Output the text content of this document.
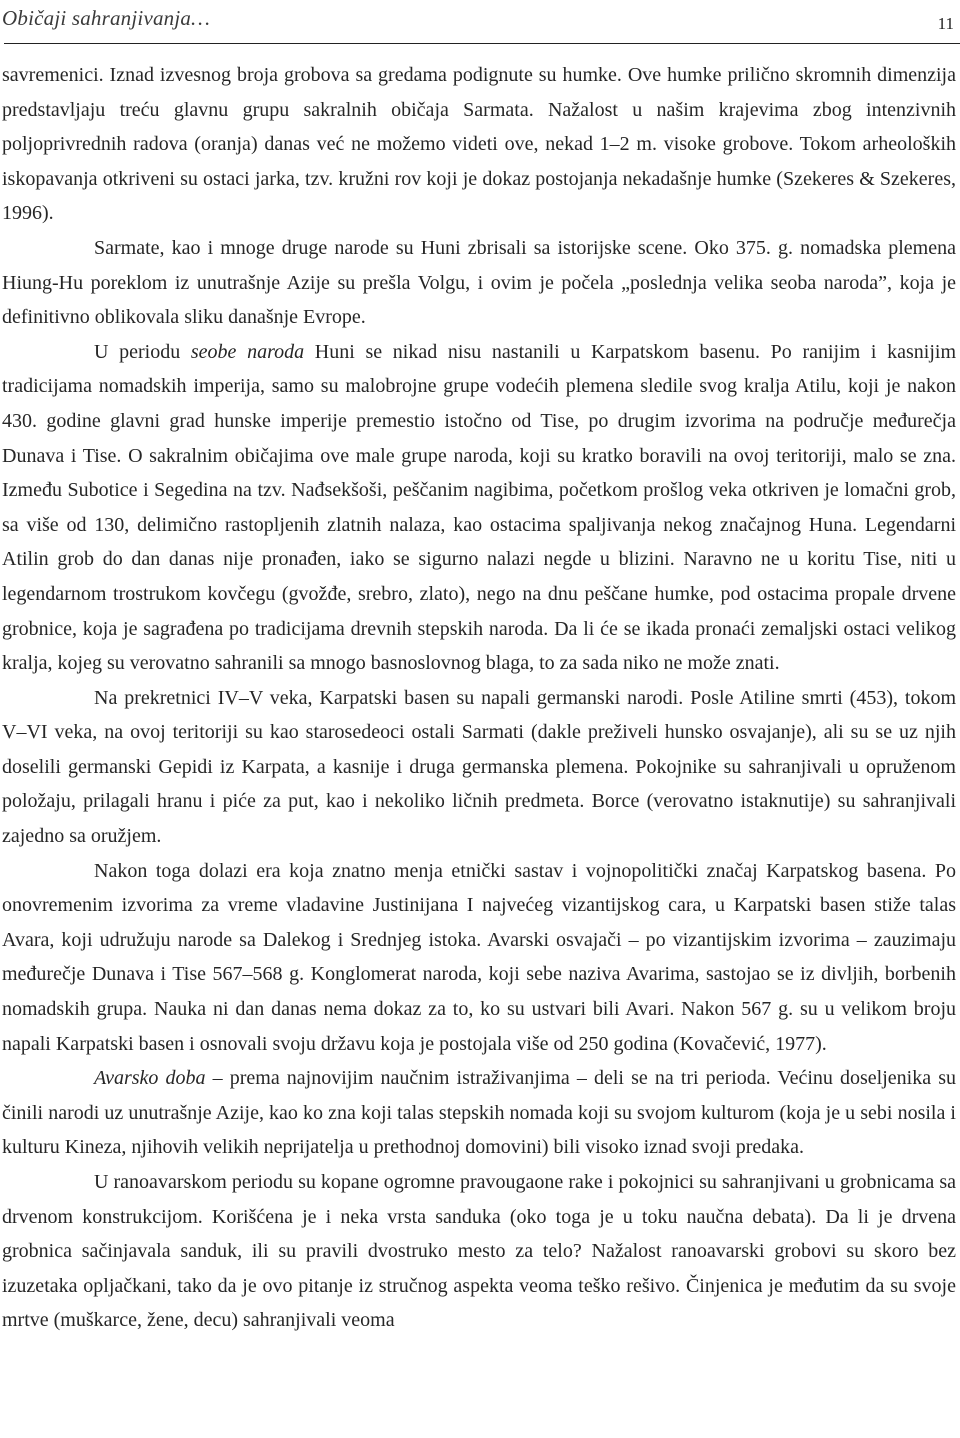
Običaji sahranjivanja…	11

savremenici. Iznad izvesnog broja grobova sa gredama podignute su humke. Ove humke prilično skromnih dimenzija predstavljaju treću glavnu grupu sakralnih običaja Sarmata. Nažalost u našim krajevima zbog intenzivnih poljoprivrednih radova (oranja) danas već ne možemo videti ove, nekad 1–2 m. visoke grobove. Tokom arheoloških iskopavanja otkriveni su ostaci jarka, tzv. kružni rov koji je dokaz postojanja nekadašnje humke (Szekeres & Szekeres, 1996).

Sarmate, kao i mnoge druge narode su Huni zbrisali sa istorijske scene. Oko 375. g. nomadska plemena Hiung-Hu poreklom iz unutrašnje Azije su prešla Volgu, i ovim je počela „poslednja velika seoba naroda”, koja je definitivno oblikovala sliku današnje Evrope.

U periodu seobe naroda Huni se nikad nisu nastanili u Karpatskom basenu. Po ranijim i kasnijim tradicijama nomadskih imperija, samo su malobrojne grupe vodećih plemena sledile svog kralja Atilu, koji je nakon 430. godine glavni grad hunske imperije premestio istočno od Tise, po drugim izvorima na područje međurečja Dunava i Tise. O sakralnim običajima ove male grupe naroda, koji su kratko boravili na ovoj teritoriji, malo se zna. Između Subotice i Segedina na tzv. Nađsekšoši, peščanim nagibima, početkom prošlog veka otkriven je lomačni grob, sa više od 130, delimično rastopljenih zlatnih nalaza, kao ostacima spaljivanja nekog značajnog Huna. Legendarni Atilin grob do dan danas nije pronađen, iako se sigurno nalazi negde u blizini. Naravno ne u koritu Tise, niti u legendarnom trostrukom kovčegu (gvožđe, srebro, zlato), nego na dnu peščane humke, pod ostacima propale drvene grobnice, koja je sagrađena po tradicijama drevnih stepskih naroda. Da li će se ikada pronaći zemaljski ostaci velikog kralja, kojeg su verovatno sahranili sa mnogo basnoslovnog blaga, to za sada niko ne može znati.

Na prekretnici IV–V veka, Karpatski basen su napali germanski narodi. Posle Atiline smrti (453), tokom V–VI veka, na ovoj teritoriji su kao starosedeoci ostali Sarmati (dakle preživeli hunsko osvajanje), ali su se uz njih doselili germanski Gepidi iz Karpata, a kasnije i druga germanska plemena. Pokojnike su sahranjivali u opruženom položaju, prilagali hranu i piće za put, kao i nekoliko ličnih predmeta. Borce (verovatno istaknutije) su sahranjivali zajedno sa oružjem.

Nakon toga dolazi era koja znatno menja etnički sastav i vojnopolitički značaj Karpatskog basena. Po onovremenim izvorima za vreme vladavine Justinijana I najvećeg vizantijskog cara, u Karpatski basen stiže talas Avara, koji udružuju narode sa Dalekog i Srednjeg istoka. Avarski osvajači – po vizantijskim izvorima – zauzimaju međurečje Dunava i Tise 567–568 g. Konglomerat naroda, koji sebe naziva Avarima, sastojao se iz divljih, borbenih nomadskih grupa. Nauka ni dan danas nema dokaz za to, ko su ustvari bili Avari. Nakon 567 g. su u velikom broju napali Karpatski basen i osnovali svoju državu koja je postojala više od 250 godina (Kovačević, 1977).

Avarsko doba – prema najnovijim naučnim istraživanjima – deli se na tri perioda. Većinu doseljenika su činili narodi uz unutrašnje Azije, kao ko zna koji talas stepskih nomada koji su svojom kulturom (koja je u sebi nosila i kulturu Kineza, njihovih velikih neprijatelja u prethodnoj domovini) bili visoko iznad svoji predaka.

U ranoavarskom periodu su kopane ogromne pravougaone rake i pokojnici su sahranjivani u grobnicama sa drvenom konstrukcijom. Korišćena je i neka vrsta sanduka (oko toga je u toku naučna debata). Da li je drvena grobnica sačinjavala sanduk, ili su pravili dvostruko mesto za telo? Nažalost ranoavarski grobovi su skoro bez izuzetaka opljačkani, tako da je ovo pitanje iz stručnog aspekta veoma teško rešivo. Činjenica je međutim da su svoje mrtve (muškarce, žene, decu) sahranjivali veoma
